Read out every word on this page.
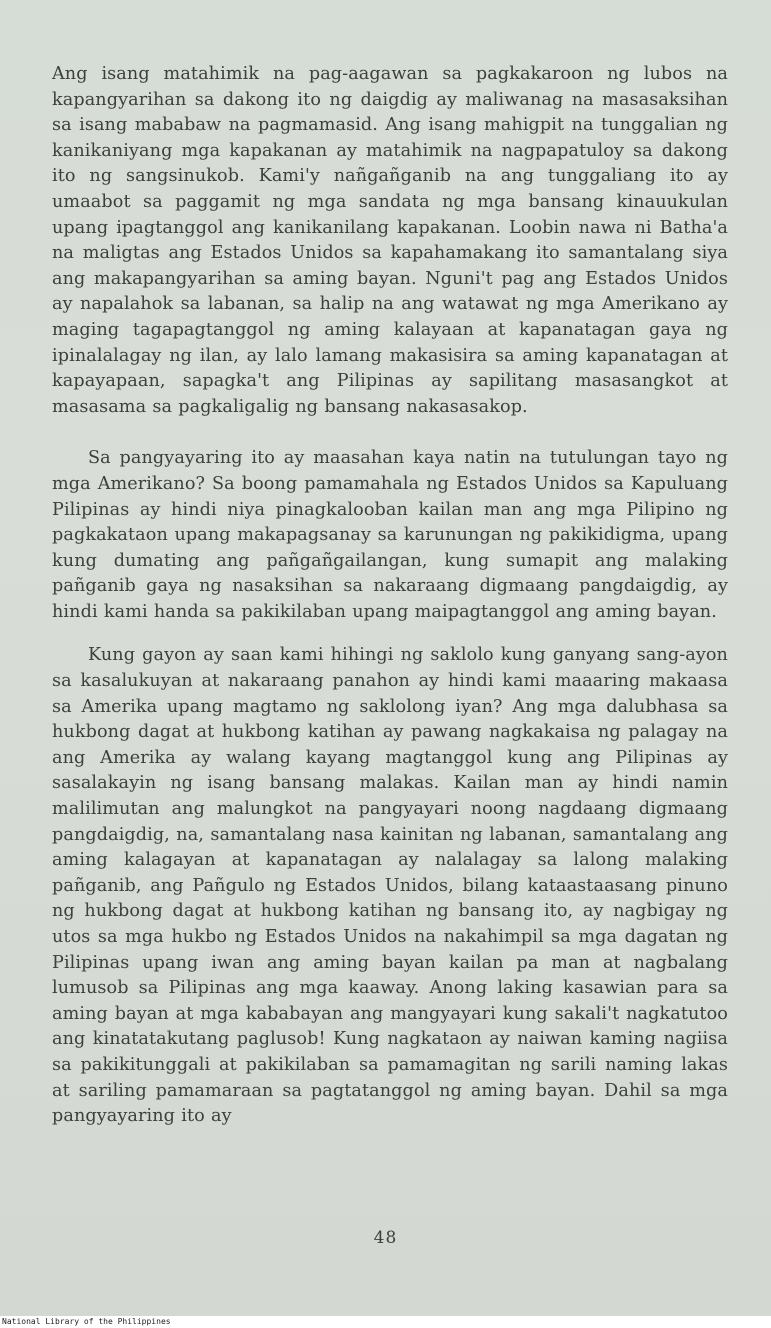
Ang isang matahimik na pag-aagawan sa pagkakaroon ng lubos na kapangyarihan sa dakong ito ng daigdig ay maliwanag na masasaksihan sa isang mababaw na pagmamasid. Ang isang mahigpit na tunggalian ng kanikaniyang mga kapakanan ay matahimik na nagpapatuloy sa dakong ito ng sangsinukob. Kami'y nañgañganib na ang tunggaliang ito ay umaabot sa paggamit ng mga sandata ng mga bansang kinauukulan upang ipagtanggol ang kanikanilang kapakanan. Loobin nawa ni Batha'a na maligtas ang Estados Unidos sa kapahamakang ito samantalang siya ang makapangyarihan sa aming bayan. Nguni't pag ang Estados Unidos ay napalahok sa labanan, sa halip na ang watawat ng mga Amerikano ay maging tagapagtanggol ng aming kalayaan at kapanatagan gaya ng ipinalalagay ng ilan, ay lalo lamang makasisira sa aming kapanatagan at kapayapaan, sapagka't ang Pilipinas ay sapilitang masasangkot at masasama sa pagkaligalig ng bansang nakasasakop.

Sa pangyayaring ito ay maasahan kaya natin na tutulungan tayo ng mga Amerikano? Sa boong pamamahala ng Estados Unidos sa Kapuluang Pilipinas ay hindi niya pinagkalooban kailan man ang mga Pilipino ng pagkakataon upang makapagsanay sa karunungan ng pakikidigma, upang kung dumating ang pañgañgailangan, kung sumapit ang malaking pañganib gaya ng nasaksihan sa nakaraang digmaang pangdaigdig, ay hindi kami handa sa pakikilaban upang maipagtanggol ang aming bayan.

Kung gayon ay saan kami hihingi ng saklolo kung ganyang sang-ayon sa kasalukuyan at nakaraang panahon ay hindi kami maaaring makaasa sa Amerika upang magtamo ng saklolong iyan? Ang mga dalubhasa sa hukbong dagat at hukbong katihan ay pawang nagkakaisa ng palagay na ang Amerika ay walang kayang magtanggol kung ang Pilipinas ay sasalakayin ng isang bansang malakas. Kailan man ay hindi namin malilimutan ang malungkot na pangyayari noong nagdaang digmaang pangdaigdig, na, samantalang nasa kainitan ng labanan, samantalang ang aming kalagayan at kapanatagan ay nalalagay sa lalong malaking pañganib, ang Pañgulo ng Estados Unidos, bilang kataastaasang pinuno ng hukbong dagat at hukbong katihan ng bansang ito, ay nagbigay ng utos sa mga hukbo ng Estados Unidos na nakahimpil sa mga dagatan ng Pilipinas upang iwan ang aming bayan kailan pa man at nagbalang lumusob sa Pilipinas ang mga kaaway. Anong laking kasawian para sa aming bayan at mga kababayan ang mangyayari kung sakali't nagkatutoo ang kinatatakutang paglusob! Kung nagkataon ay naiwan kaming nagiisa sa pakikitunggali at pakikilaban sa pamamagitan ng sarili naming lakas at sariling pamamaraan sa pagtatanggol ng aming bayan. Dahil sa mga pangyayaring ito ay

48
National Library of the Philippines
